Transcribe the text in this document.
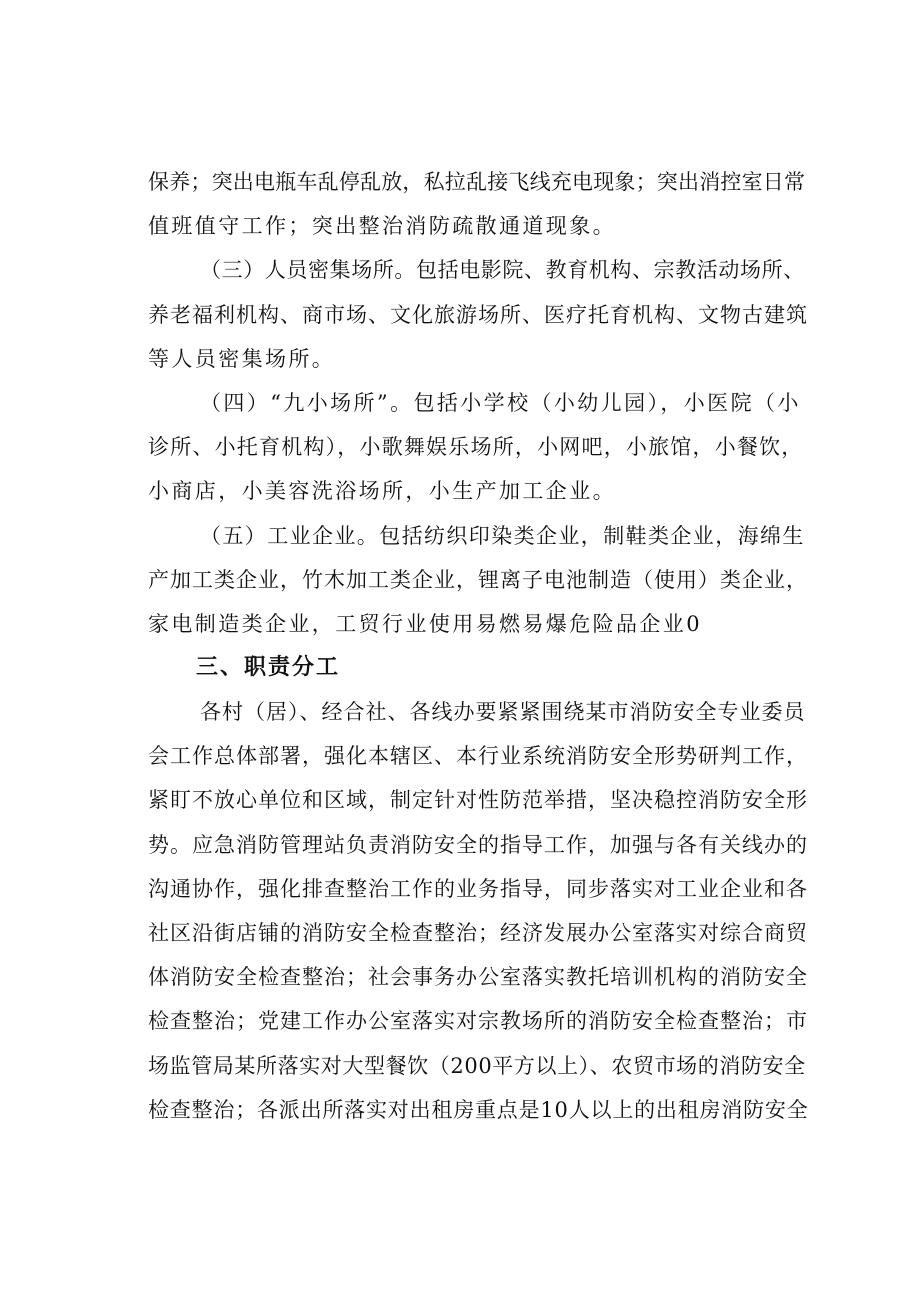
保养；突出电瓶车乱停乱放，私拉乱接飞线充电现象；突出消控室日常
值班值守工作；突出整治消防疏散通道现象。
（三）人员密集场所。包括电影院、教育机构、宗教活动场所、
养老福利机构、商市场、文化旅游场所、医疗托育机构、文物古建筑
等人员密集场所。
（四）“九小场所”。包括小学校（小幼儿园），小医院（小
诊所、小托育机构），小歌舞娱乐场所，小网吧，小旅馆，小餐饮，
小商店，小美容洗浴场所，小生产加工企业。
（五）工业企业。包括纺织印染类企业，制鞋类企业，海绵生
产加工类企业，竹木加工类企业，锂离子电池制造（使用）类企业，
家电制造类企业，工贸行业使用易燃易爆危险品企业0
三、职责分工
各村（居）、经合社、各线办要紧紧围绕某市消防安全专业委员
会工作总体部署，强化本辖区、本行业系统消防安全形势研判工作，
紧盯不放心单位和区域，制定针对性防范举措，坚决稳控消防安全形
势。应急消防管理站负责消防安全的指导工作，加强与各有关线办的
沟通协作，强化排查整治工作的业务指导，同步落实对工业企业和各
社区沿街店铺的消防安全检查整治；经济发展办公室落实对综合商贸
体消防安全检查整治；社会事务办公室落实教托培训机构的消防安全
检查整治；党建工作办公室落实对宗教场所的消防安全检查整治；市
场监管局某所落实对大型餐饮（200平方以上）、农贸市场的消防安全
检查整治；各派出所落实对出租房重点是10人以上的出租房消防安全
